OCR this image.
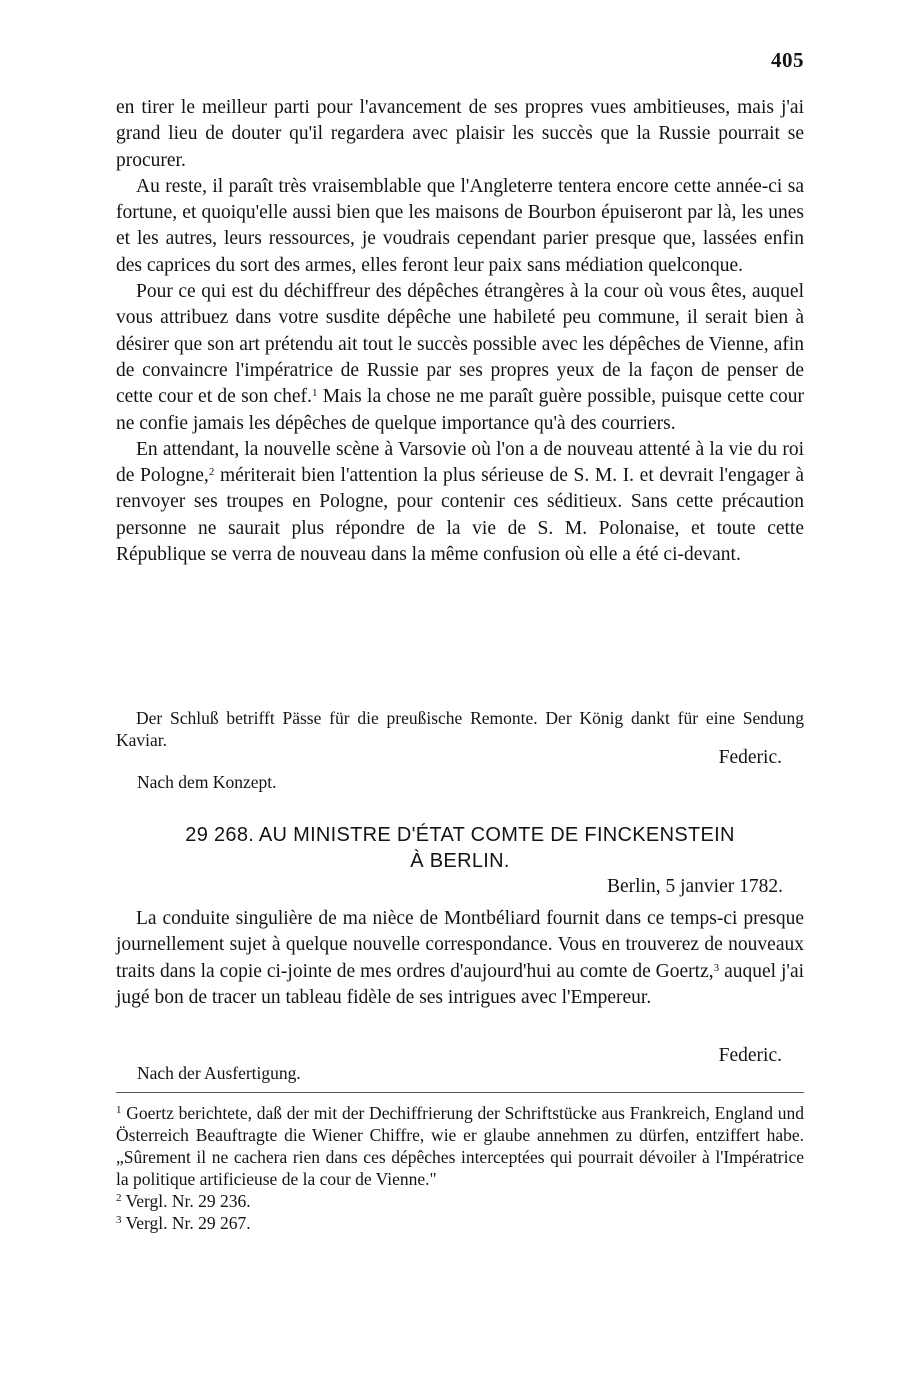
405

en tirer le meilleur parti pour l'avancement de ses propres vues ambitieuses, mais j'ai grand lieu de douter qu'il regardera avec plaisir les succès que la Russie pourrait se procurer.

Au reste, il paraît très vraisemblable que l'Angleterre tentera encore cette année-ci sa fortune, et quoiqu'elle aussi bien que les maisons de Bourbon épuiseront par là, les unes et les autres, leurs ressources, je voudrais cependant parier presque que, lassées enfin des caprices du sort des armes, elles feront leur paix sans médiation quelconque.

Pour ce qui est du déchiffreur des dépêches étrangères à la cour où vous êtes, auquel vous attribuez dans votre susdite dépêche une habileté peu commune, il serait bien à désirer que son art prétendu ait tout le succès possible avec les dépêches de Vienne, afin de convaincre l'impératrice de Russie par ses propres yeux de la façon de penser de cette cour et de son chef.$^1$ Mais la chose ne me paraît guère possible, puisque cette cour ne confie jamais les dépêches de quelque importance qu'à des courriers.

En attendant, la nouvelle scène à Varsovie où l'on a de nouveau attenté à la vie du roi de Pologne,$^2$ mériterait bien l'attention la plus sérieuse de S. M. I. et devrait l'engager à renvoyer ses troupes en Pologne, pour contenir ces séditieux. Sans cette précaution personne ne saurait plus répondre de la vie de S. M. Polonaise, et toute cette République se verra de nouveau dans la même confusion où elle a été ci-devant.

Der Schluß betrifft Pässe für die preußische Remonte. Der König dankt für eine Sendung Kaviar.

Federic.
Nach dem Konzept.
29 268. AU MINISTRE D'ÉTAT COMTE DE FINCKENSTEIN
À BERLIN.
Berlin, 5 janvier 1782.

La conduite singulière de ma nièce de Montbéliard fournit dans ce temps-ci presque journellement sujet à quelque nouvelle correspondance. Vous en trouverez de nouveaux traits dans la copie ci-jointe de mes ordres d'aujourd'hui au comte de Goertz,$^3$ auquel j'ai jugé bon de tracer un tableau fidèle de ses intrigues avec l'Empereur.

Federic.
Nach der Ausfertigung.

$^1$ Goertz berichtete, daß der mit der Dechiffrierung der Schriftstücke aus Frankreich, England und Österreich Beauftragte die Wiener Chiffre, wie er glaube annehmen zu dürfen, entziffert habe. „Sûrement il ne cachera rien dans ces dépêches interceptées qui pourrait dévoiler à l'Impératrice la politique artificieuse de la cour de Vienne."

$^2$ Vergl. Nr. 29 236.

$^3$ Vergl. Nr. 29 267.
